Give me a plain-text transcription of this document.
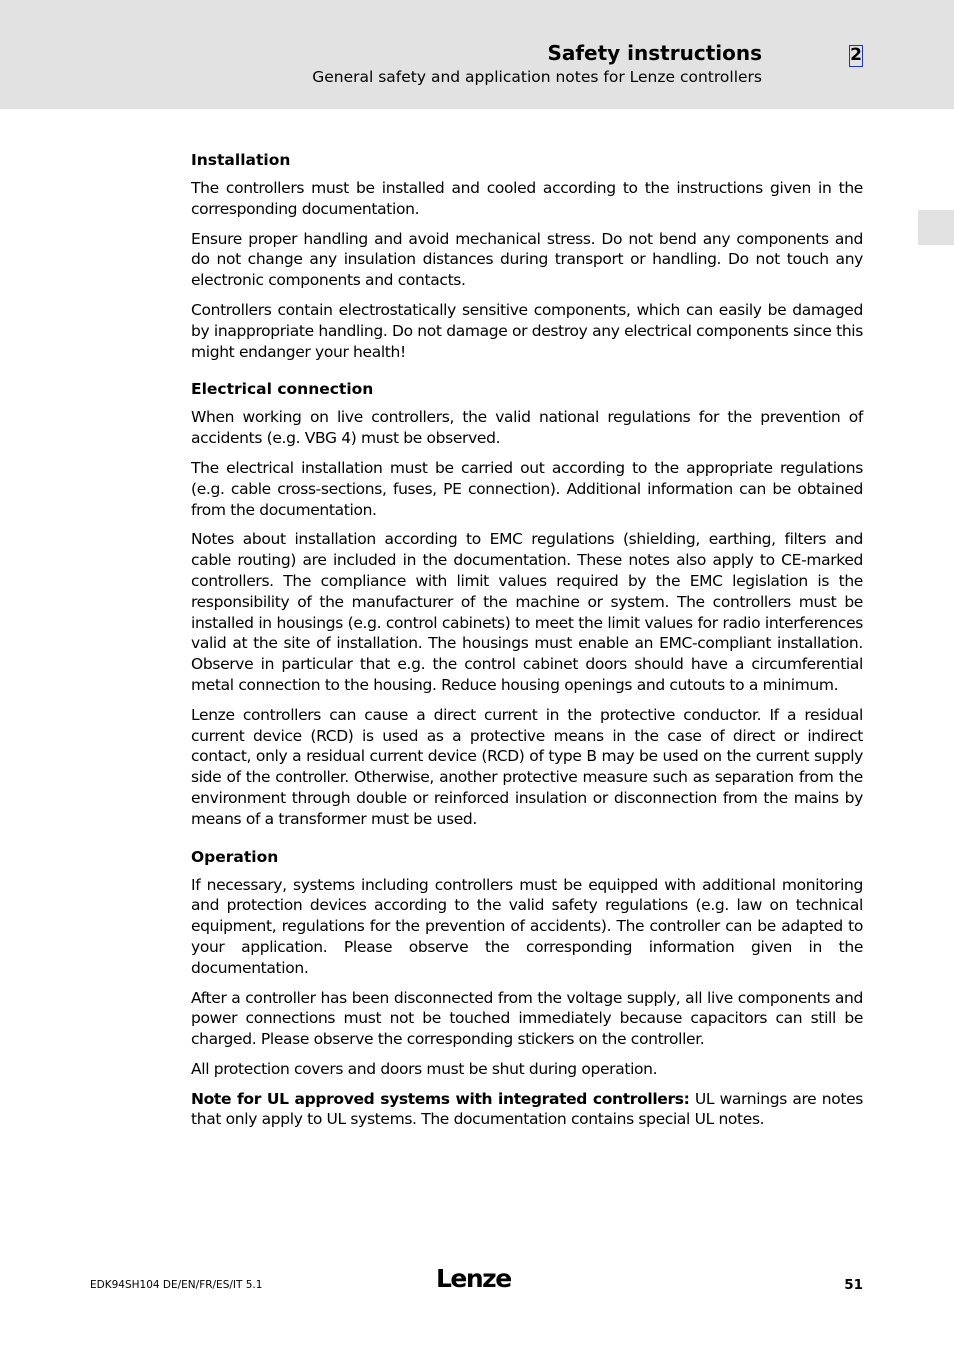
Safety instructions
General safety and application notes for Lenze controllers
2
Installation

The controllers must be installed and cooled according to the instructions given in the corresponding documentation.

Ensure proper handling and avoid mechanical stress. Do not bend any components and do not change any insulation distances during transport or handling. Do not touch any electronic components and contacts.

Controllers contain electrostatically sensitive components, which can easily be damaged by inappropriate handling. Do not damage or destroy any electrical components since this might endanger your health!

Electrical connection

When working on live controllers, the valid national regulations for the prevention of accidents (e.g. VBG 4) must be observed.

The electrical installation must be carried out according to the appropriate regulations (e.g. cable cross-sections, fuses, PE connection). Additional information can be obtained from the documentation.

Notes about installation according to EMC regulations (shielding, earthing, filters and cable routing) are included in the documentation. These notes also apply to CE-marked controllers. The compliance with limit values required by the EMC legislation is the responsibility of the manufacturer of the machine or system. The controllers must be installed in housings (e.g. control cabinets) to meet the limit values for radio interferences valid at the site of installation. The housings must enable an EMC-compliant installation. Observe in particular that e.g. the control cabinet doors should have a circumferential metal connection to the housing. Reduce housing openings and cutouts to a minimum.

Lenze controllers can cause a direct current in the protective conductor. If a residual current device (RCD) is used as a protective means in the case of direct or indirect contact, only a residual current device (RCD) of type B may be used on the current supply side of the controller. Otherwise, another protective measure such as separation from the environment through double or reinforced insulation or disconnection from the mains by means of a transformer must be used.

Operation

If necessary, systems including controllers must be equipped with additional monitoring and protection devices according to the valid safety regulations (e.g. law on technical equipment, regulations for the prevention of accidents). The controller can be adapted to your application. Please observe the corresponding information given in the documentation.

After a controller has been disconnected from the voltage supply, all live components and power connections must not be touched immediately because capacitors can still be charged. Please observe the corresponding stickers on the controller.

All protection covers and doors must be shut during operation.

Note for UL approved systems with integrated controllers: UL warnings are notes that only apply to UL systems. The documentation contains special UL notes.

EDK94SH104 DE/EN/FR/ES/IT 5.1	Lenze	51
